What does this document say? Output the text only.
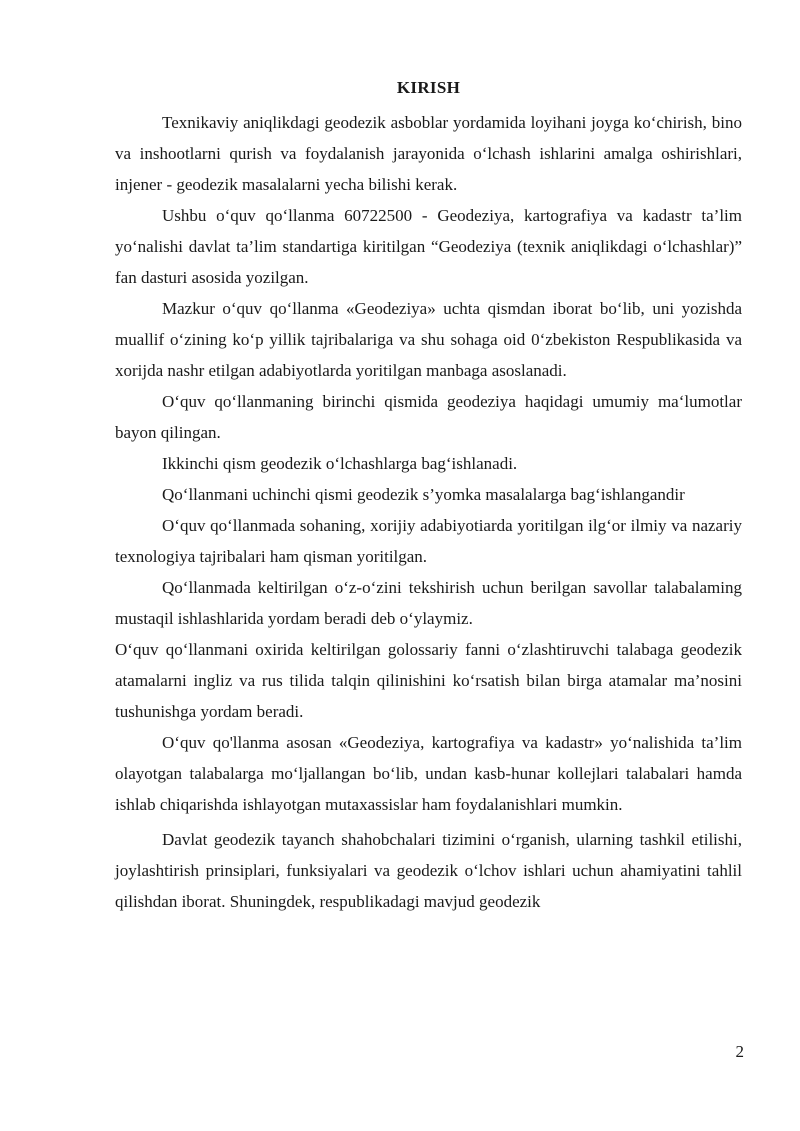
KIRISH

Texnikaviy aniqlikdagi geodezik asboblar yordamida loyihani joyga ko‘chirish, bino va inshootlarni qurish va foydalanish jarayonida o‘lchash ishlarini amalga oshirishlari, injener - geodezik masalalarni yecha bilishi kerak.

Ushbu o‘quv qo‘llanma 60722500 - Geodeziya, kartografiya va kadastr ta’lim yo‘nalishi davlat ta’lim standartiga kiritilgan “Geodeziya (texnik aniqlikdagi o‘lchashlar)” fan dasturi asosida yozilgan.

Mazkur o‘quv qo‘llanma «Geodeziya» uchta qismdan iborat bo‘lib, uni yozishda muallif o‘zining ko‘p yillik tajribalariga va shu sohaga oid 0‘zbekiston Respublikasida va xorijda nashr etilgan adabiyotlarda yoritilgan manbaga asoslanadi.

O‘quv qo‘llanmaning birinchi qismida geodeziya haqidagi umumiy ma‘lumotlar bayon qilingan.

Ikkinchi qism geodezik o‘lchashlarga bag‘ishlanadi.

Qo‘llanmani uchinchi qismi geodezik s’yomka masalalarga bag‘ishlangandir

O‘quv qo‘llanmada sohaning, xorijiy adabiyotiarda yoritilgan ilg‘or ilmiy va nazariy texnologiya tajribalari ham qisman yoritilgan.

Qo‘llanmada keltirilgan o‘z-o‘zini tekshirish uchun berilgan savollar talabalaming mustaqil ishlashlarida yordam beradi deb o‘ylaymiz.

O‘quv qo‘llanmani oxirida keltirilgan golossariy fanni o‘zlashtiruvchi talabaga geodezik atamalarni ingliz va rus tilida talqin qilinishini ko‘rsatish bilan birga atamalar ma’nosini tushunishga yordam beradi.

O‘quv qo'llanma asosan «Geodeziya, kartografiya va kadastr» yo‘nalishida ta’lim olayotgan talabalarga mo‘ljallangan bo‘lib, undan kasb-hunar kollejlari talabalari hamda ishlab chiqarishda ishlayotgan mutaxassislar ham foydalanishlari mumkin.

Davlat geodezik tayanch shahobchalari tizimini o‘rganish, ularning tashkil etilishi, joylashtirish prinsiplari, funksiyalari va geodezik o‘lchov ishlari uchun ahamiyatini tahlil qilishdan iborat. Shuningdek, respublikadagi mavjud geodezik

2
